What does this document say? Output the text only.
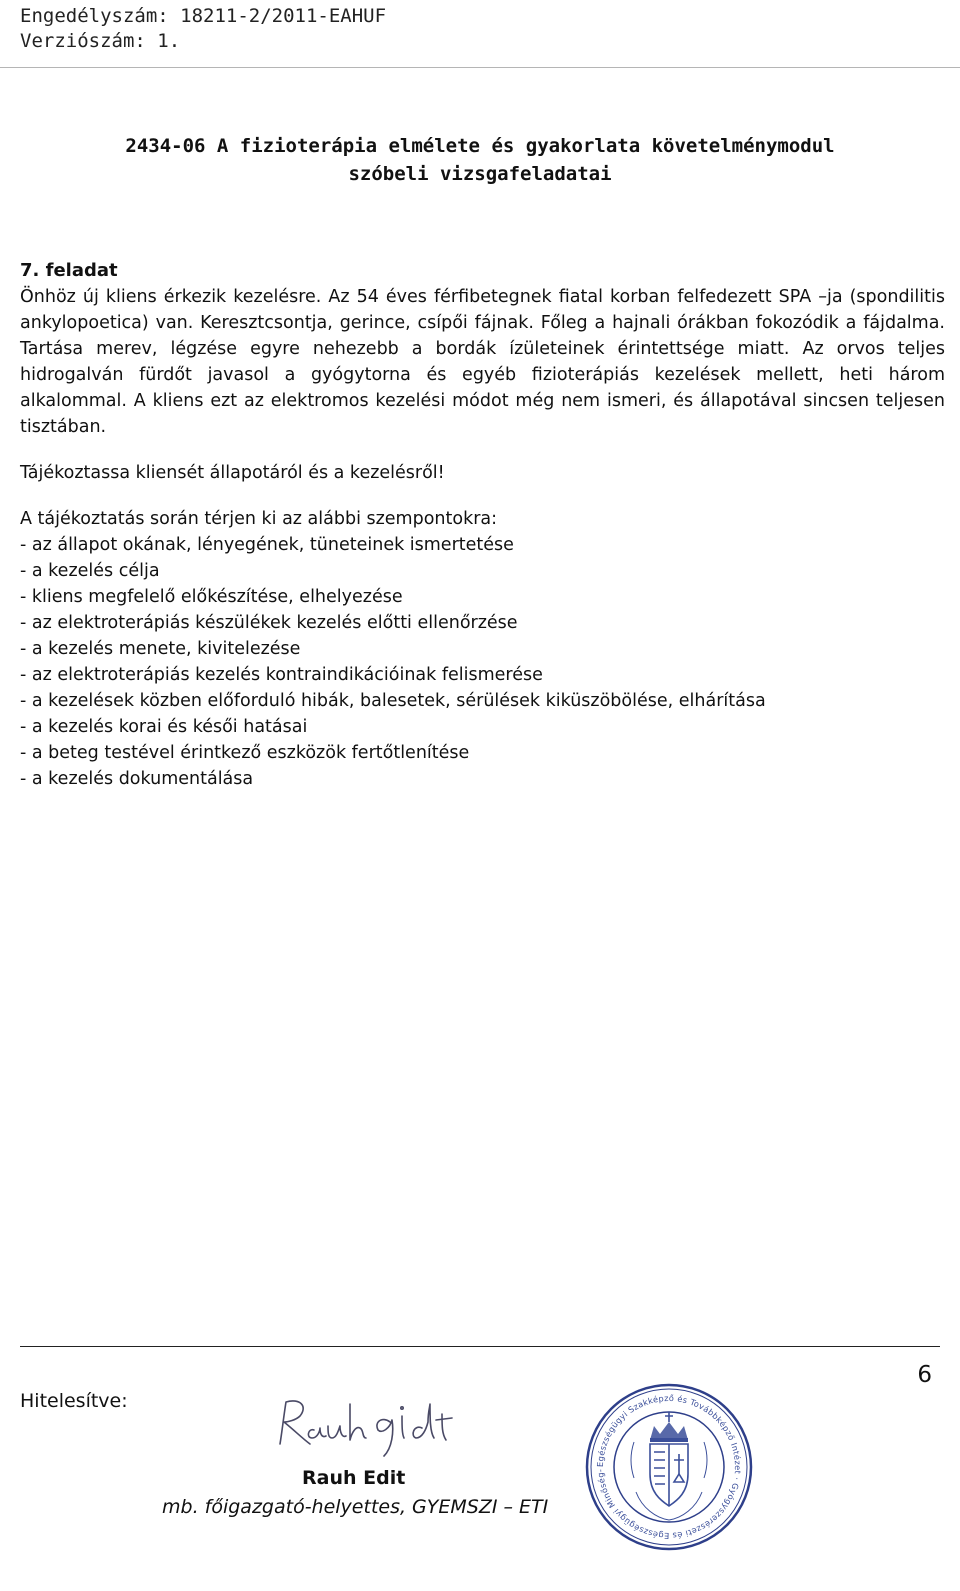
Engedélyszám: 18211-2/2011-EAHUF
Verziószám: 1.
2434-06 A fizioterápia elmélete és gyakorlata követelménymodul
szóbeli vizsgafeladatai

7. feladat

Önhöz új kliens érkezik kezelésre. Az 54 éves férfibetegnek fiatal korban felfedezett SPA –ja (spondilitis ankylopoetica) van. Keresztcsontja, gerince, csípői fájnak. Főleg a hajnali órákban fokozódik a fájdalma. Tartása merev, légzése egyre nehezebb a bordák ízületeinek érintettsége miatt. Az orvos teljes hidrogalván fürdőt javasol a gyógytorna és egyéb fizioterápiás kezelések mellett, heti három alkalommal. A kliens ezt az elektromos kezelési módot még nem ismeri, és állapotával sincsen teljesen tisztában.

Tájékoztassa kliensét állapotáról és a kezelésről!

A tájékoztatás során térjen ki az alábbi szempontokra:

- az állapot okának, lényegének, tüneteinek ismertetése
- a kezelés célja
- kliens megfelelő előkészítése, elhelyezése
- az elektroterápiás készülékek kezelés előtti ellenőrzése
- a kezelés menete, kivitelezése
- az elektroterápiás kezelés kontraindikációinak felismerése
- a kezelések közben előforduló hibák, balesetek, sérülések kiküszöbölése, elhárítása
- a kezelés korai és késői hatásai
- a beteg testével érintkező eszközök fertőtlenítése
- a kezelés dokumentálása
6
Hitelesítve:
Rauh Edit
mb. főigazgató-helyettes, GYEMSZI – ETI
Egészségügyi Szakképző és Továbbképző Intézet · Gyógyszerészeti és Egészségügyi Minőség-
